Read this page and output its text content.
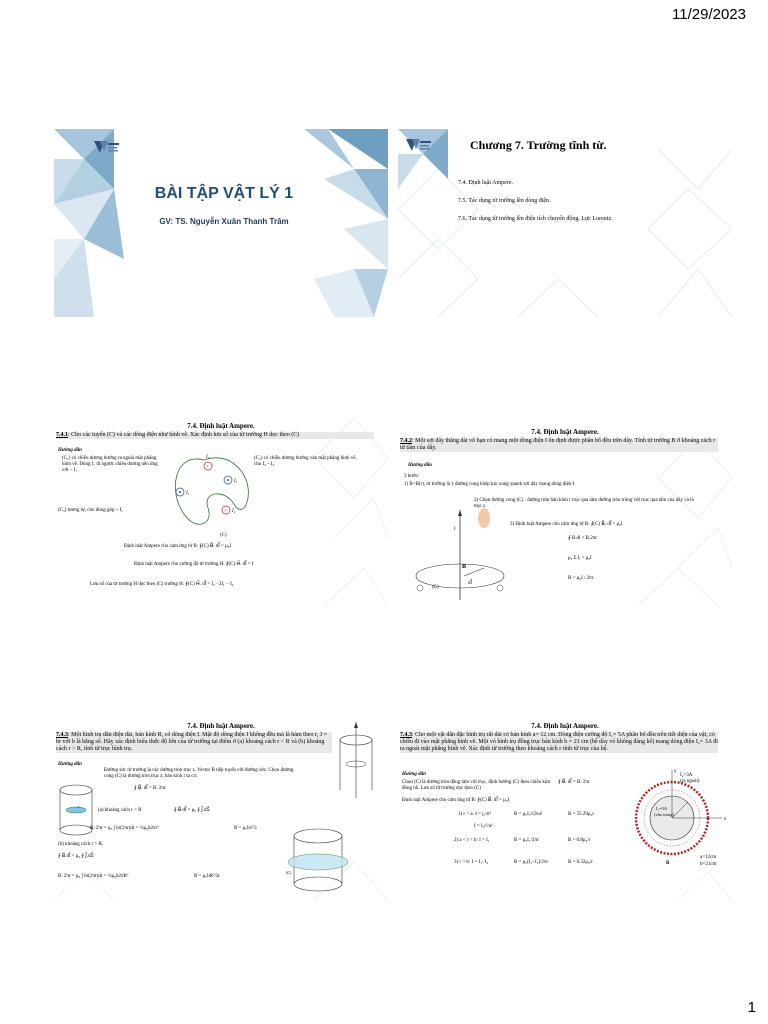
11/29/2023
BÀI TẬP VẬT LÝ 1
GV: TS. Nguyễn Xuân Thanh Trâm
Chương 7. Trường tĩnh từ.
7.4. Định luật Ampere.
7.5. Tác dụng từ trường lên dòng điện.
7.6. Tác dụng từ trường lên điện tích chuyển động. Lực Lorentz.
7.4. Định luật Ampere.
7.4.1: Cho các tuyến (C) và các dòng điện như hình vẽ. Xác định lưu số của từ trường H dọc theo (C)
Hướng dẫn
(C₁) có chiều dương hướng ra ngoài mặt phẳng hình vẽ. Dòng I₁ đi ngược chiều dương nên ứng với – I₁
(C₂) có chiều dương hướng vào mặt phẳng hình vẽ, cho I₃ – I₄
(C₃) tương tự, cho đóng góp – I₁
×
×
I₁
I₂
I₃
I₄
(C)
Định luật Ampere cho cảm ứng từ B: ∮(C) B⃗. dl⃗ = μ₀I
Định luật Ampere cho cường độ từ trường H: ∮(C) H⃗. dl⃗ = I
Lưu số của từ trường H dọc theo (C) trường H: ∮(C) H⃗. dl⃗ = I₃ −2I₁ − I₄
7.4. Định luật Ampere.
7.4.2: Một sợi dây thẳng dài vô hạn có mang một dòng điện I ổn định được phân bố đều trên dây. Tính từ trường B ở khoảng cách r từ tâm của dây.
Hướng dẫn
3 bước:
1) B=B(r), từ trường là 1 đường cong khép kín xung quanh sợi dây mang dòng điện I
2) Chọn đường cong (C) : đường tròn bán kính r trục qua tâm đường tròn trùng với trục qua tâm của dây và là trục z
3) Định luật Ampere cho cảm ứng từ B: ∮(C) B⃗. dl⃗ = μ₀I
B⃗
dl⃗
(C)
I
∮ B.dl = B.2πr
μ₀ Σ Iᵢ = μ₀I
B = μ₀I / 2πr
7.4. Định luật Ampere.
7.4.3: Một hình trụ dẫn điện dài, bán kính R, có dòng điện I. Mật độ dòng điện J không đều mà là hàm theo r, J = br với b là hằng số. Hãy xác định biểu thức độ lớn của từ trường tại điểm ở (a) khoảng cách r < R và (b) khoảng cách r > R, tính từ trục hình trụ.
Hướng dẫn
Đường sức từ trường là các đường tròn trục z. Vector B tiếp tuyến với đường sức. Chọn đường cong (C) là đường tròn trục z, bán kính r ta có:
∮ B⃗. dl⃗ = B. 2πr
r
(a) khoảng cách r < R	∮ B⃗.dl⃗ = μ₀ ∮ J⃗.dS⃗
B. 2πr = μ₀ ∫ br(2πr)dr = ⅔μ₀b2πr³	B = μ₀br²/3
(b) khoảng cách r > R.
∮ B⃗.dl⃗ = μ₀ ∮ J⃗.dS⃗
B. 2πr = μ₀ ∫ br(2πr)dr = ⅔μ₀b2πR³	B = μ₀bR³/3r
(C)
7.4. Định luật Ampere.
7.4.3: Cho một vật dẫn đặc hình trụ rất dài có bán kính a= 12 cm. Dòng điện cường độ I₁= 5A phân bố đều trên tiết diện của vật, có chiều đi vào mặt phẳng hình vẽ. Một vỏ hình trụ đồng trục bán kính b = 21 cm (bề dày vỏ không đáng kể) mang dòng điện I₂= 3A đi ra ngoài mặt phẳng hình vẽ. Xác định từ trường theo khoảng cách r tính từ trục của hệ.
Hướng dẫn
Chọn (C) là đường tròn đồng tâm với trục, định hướng (C) theo chiều kim đồng hồ. Lưu số từ trường dọc theo (C)
∮ B⃗. dl⃗ = B. 2πr
Định luật Ampere cho cảm ứng từ B: ∮(C) B⃗. dl⃗ = μ₀I
1) r < a: I = j₁πr²
I = I₁r²/a²
B = μ₀I₁r/2πa²	B = 55.29μ₀r
2) a < r < b: I = I₁	B = μ₀I₁/2πr	B = 0.8μ₀/r
3) r > b: I = I₁- I₂	B = μ₀(I₁−I₂)/2πr	B = 0.32μ₀/r
I₂=3A
(ra ngoài)
I₁=5A
(vào trong)
x
y
B⃗
a=12cm
b=21cm
1
